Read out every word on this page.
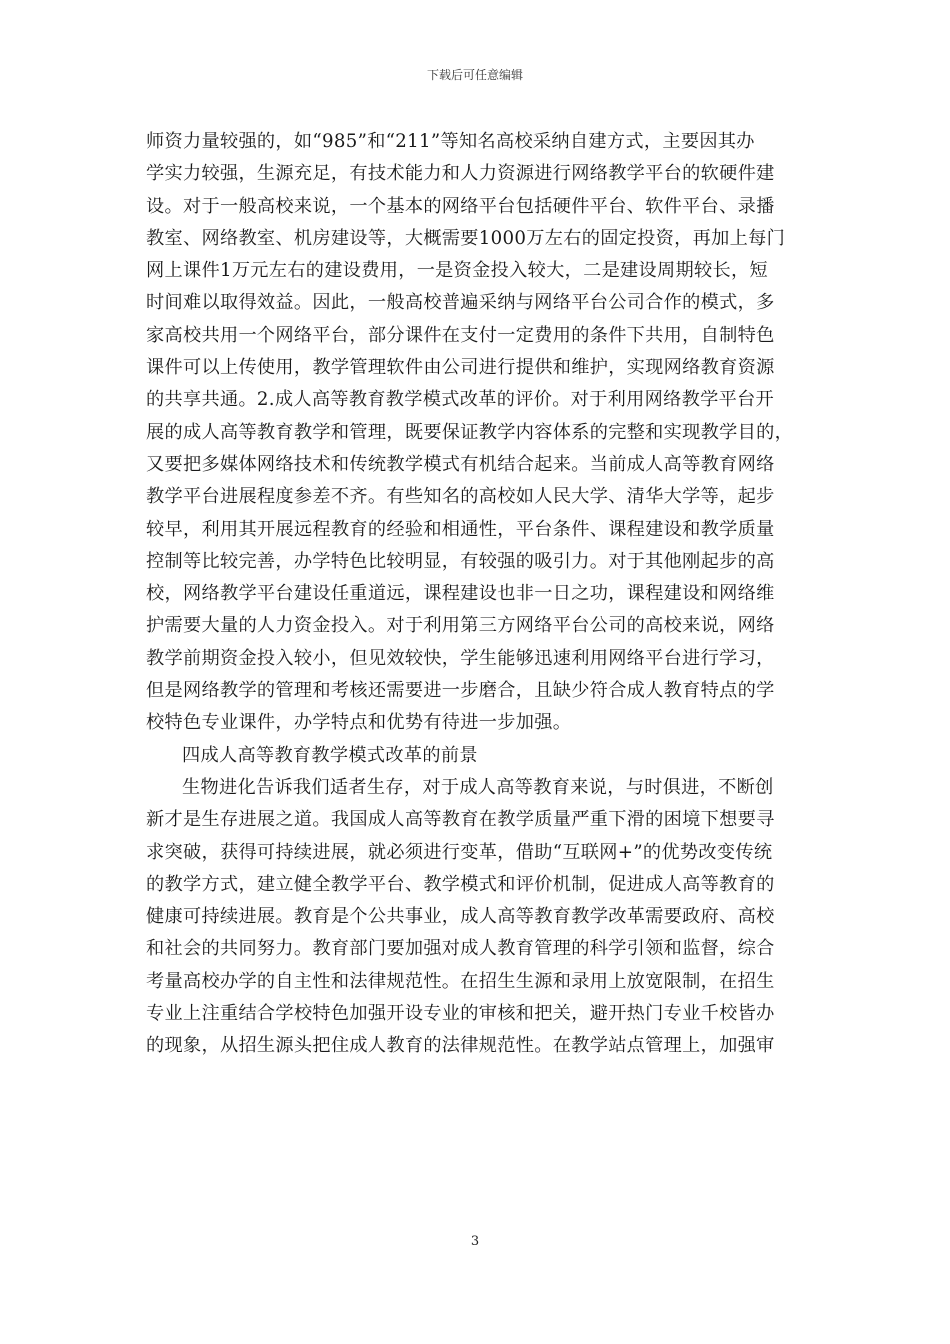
下载后可任意编辑
师资力量较强的，如“985”和“211”等知名高校采纳自建方式，主要因其办
学实力较强，生源充足，有技术能力和人力资源进行网络教学平台的软硬件建
设。对于一般高校来说，一个基本的网络平台包括硬件平台、软件平台、录播
教室、网络教室、机房建设等，大概需要1000万左右的固定投资，再加上每门
网上课件1万元左右的建设费用，一是资金投入较大，二是建设周期较长，短
时间难以取得效益。因此，一般高校普遍采纳与网络平台公司合作的模式，多
家高校共用一个网络平台，部分课件在支付一定费用的条件下共用，自制特色
课件可以上传使用，教学管理软件由公司进行提供和维护，实现网络教育资源
的共享共通。2.成人高等教育教学模式改革的评价。对于利用网络教学平台开
展的成人高等教育教学和管理，既要保证教学内容体系的完整和实现教学目的，
又要把多媒体网络技术和传统教学模式有机结合起来。当前成人高等教育网络
教学平台进展程度参差不齐。有些知名的高校如人民大学、清华大学等，起步
较早，利用其开展远程教育的经验和相通性，平台条件、课程建设和教学质量
控制等比较完善，办学特色比较明显，有较强的吸引力。对于其他刚起步的高
校，网络教学平台建设任重道远，课程建设也非一日之功，课程建设和网络维
护需要大量的人力资金投入。对于利用第三方网络平台公司的高校来说，网络
教学前期资金投入较小，但见效较快，学生能够迅速利用网络平台进行学习，
但是网络教学的管理和考核还需要进一步磨合，且缺少符合成人教育特点的学
校特色专业课件，办学特点和优势有待进一步加强。
四成人高等教育教学模式改革的前景
生物进化告诉我们适者生存，对于成人高等教育来说，与时俱进，不断创
新才是生存进展之道。我国成人高等教育在教学质量严重下滑的困境下想要寻
求突破，获得可持续进展，就必须进行变革，借助“互联网+”的优势改变传统
的教学方式，建立健全教学平台、教学模式和评价机制，促进成人高等教育的
健康可持续进展。教育是个公共事业，成人高等教育教学改革需要政府、高校
和社会的共同努力。教育部门要加强对成人教育管理的科学引领和监督，综合
考量高校办学的自主性和法律规范性。在招生生源和录用上放宽限制，在招生
专业上注重结合学校特色加强开设专业的审核和把关，避开热门专业千校皆办
的现象，从招生源头把住成人教育的法律规范性。在教学站点管理上，加强审
3
